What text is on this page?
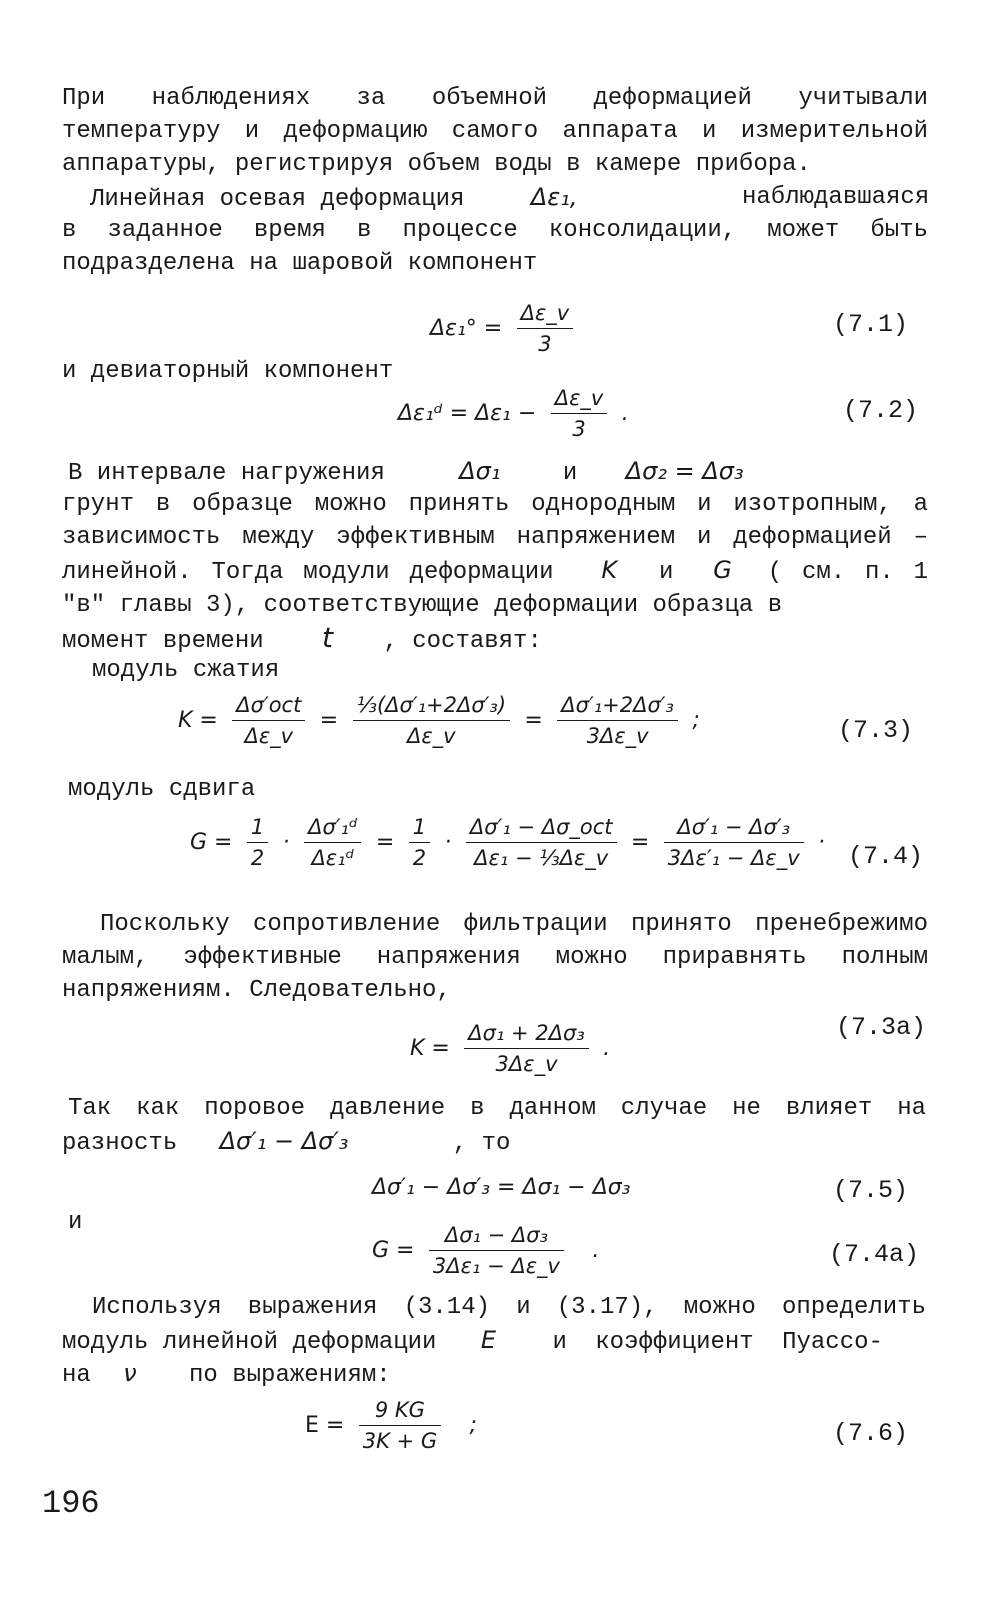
При наблюдениях за объемной деформацией учитывали температуру и деформацию самого аппарата и измерительной аппаратуры, регистрируя объем воды в камере прибора.

Линейная осевая деформация	Δε₁,	наблюдавшаяся в заданное время в процессе консолидации, может быть подразделена на шаровой компонент

$\Delta\varepsilon_1^\circ = \frac{\Delta\varepsilon\_v}{3}$	(7.1)
и девиаторный компонент
Δε₁ᵈ = $\Delta\varepsilon_1 - \frac{\Delta\varepsilon\_v}{3}$ .	(7.2)
В интервале нагружения	Δσ₁	и Δσ₂ = Δσ₃

грунт в образце можно принять однородным и изотропным, а зависимость между эффективным напряжением и деформацией – линейной. Тогда модули деформации K и G ( см. п. 1 ″в″ главы 3), соответствующие деформации образца в

момент времени t , составят:
модуль сжатия
$K = \frac{\text{Δσ′oct}}{\Delta\varepsilon\_v} = \frac{\text{⅓(Δσ′₁+2Δσ′₃)}}{\Delta\varepsilon\_v} = \frac{\text{Δσ′₁+2Δσ′₃}}{3\Delta\varepsilon\_v}$ ;	(7.3)
модуль сдвига
$G = \frac{1}{2} \cdot \frac{\text{Δσ′₁ᵈ}}{\text{Δε₁ᵈ}} = \frac{1}{2} \cdot \frac{\text{Δσ′₁ − Δσ\_oct}}{\text{Δε₁ − ⅓Δε\_v}} = \frac{\text{Δσ′₁ − Δσ′₃}}{\text{3Δε′₁ − Δε\_v}} \cdot (7.4)$

Поскольку сопротивление фильтрации принято пренебрежимо малым, эффективные напряжения можно приравнять полным напряжениям. Следовательно,

$K = \frac{\text{Δσ₁ + 2Δσ₃}}{3\Delta\varepsilon\_v}$ .
(7.3а)

Так как поровое давление в данном случае не влияет на

разность Δσ′₁ − Δσ′₃	, то
Δσ′₁ − Δσ′₃ = Δσ₁ − Δσ₃	(7.5)
и
$G = \frac{\text{Δσ₁ − Δσ₃}}{\text{3Δε₁ − Δε\_v}}$ .	(7.4а)

Используя выражения (3.14) и (3.17), можно определить

модуль линейной деформации E и коэффициент Пуассо-
на ν по выражениям:
$E = \frac{9 KG}{3K + G}$ ;	(7.6)
196
